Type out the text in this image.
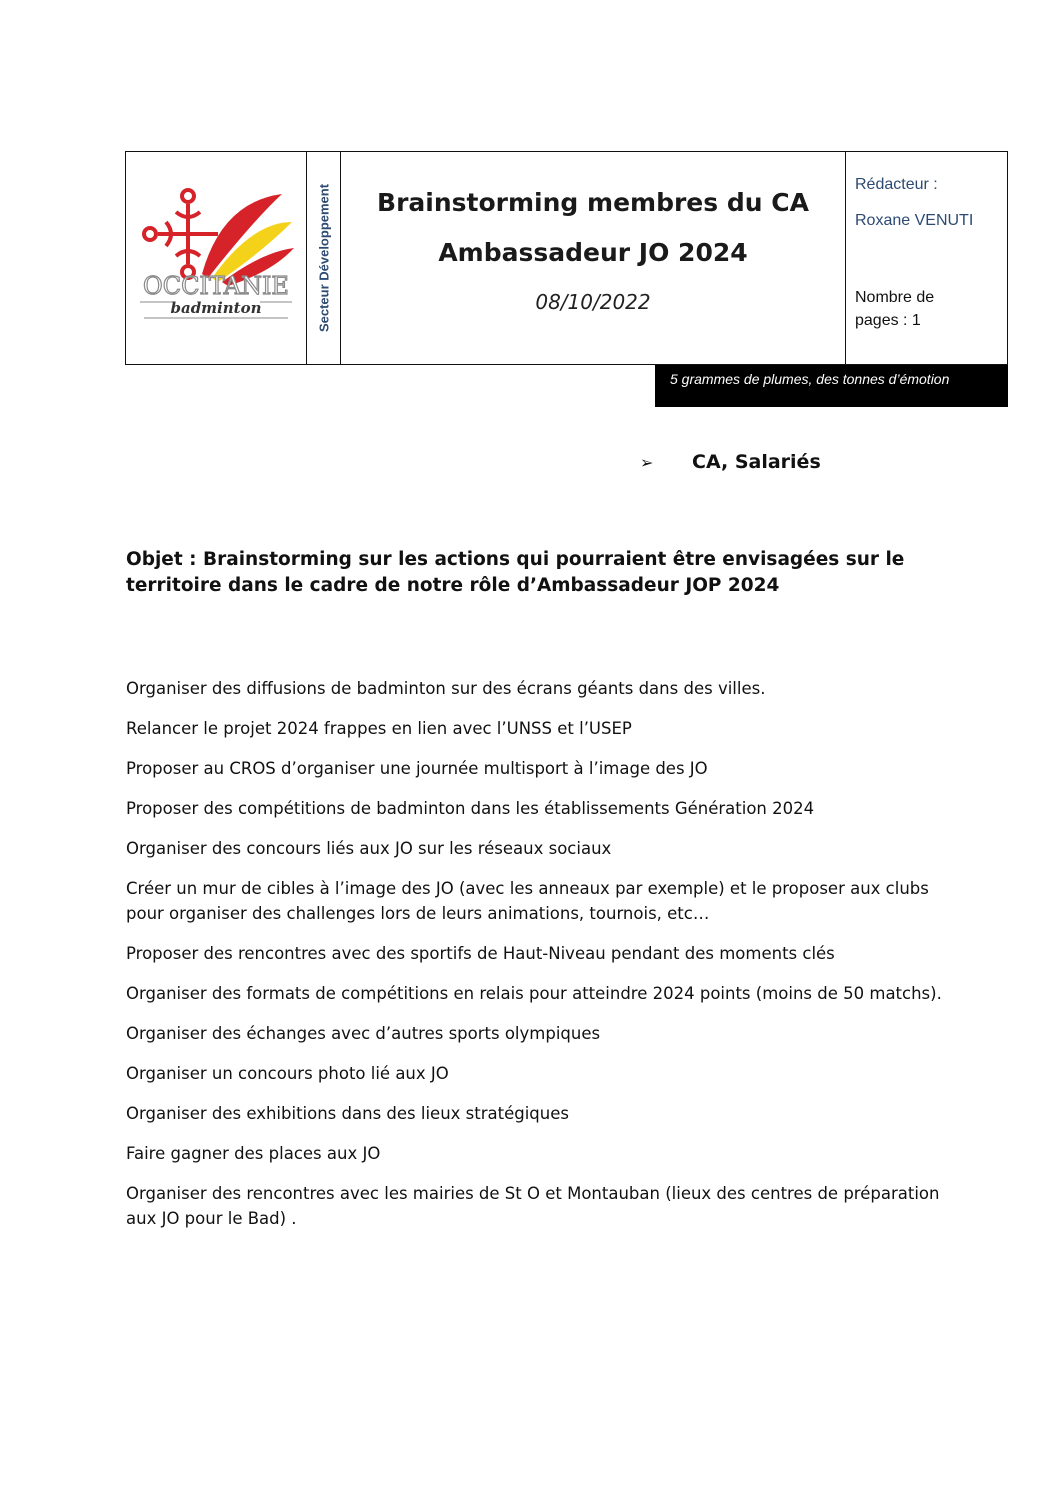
OCCITANIE
badminton	Secteur Développement	Brainstorming membres du CA
Ambassadeur JO 2024
08/10/2022
Rédacteur :
Roxane VENUTI
Nombre de pages : 1
5 grammes de plumes, des tonnes d’émotion
➢ CA, Salariés
Objet : Brainstorming sur les actions qui pourraient être envisagées sur le territoire dans le cadre de notre rôle d’Ambassadeur JOP 2024
Organiser des diffusions de badminton sur des écrans géants dans des villes.
Relancer le projet 2024 frappes en lien avec l’UNSS et l’USEP
Proposer au CROS d’organiser une journée multisport à l’image des JO
Proposer des compétitions de badminton dans les établissements Génération 2024
Organiser des concours liés aux JO sur les réseaux sociaux
Créer un mur de cibles à l’image des JO (avec les anneaux par exemple) et le proposer aux clubs pour organiser des challenges lors de leurs animations, tournois, etc…
Proposer des rencontres avec des sportifs de Haut-Niveau pendant des moments clés
Organiser des formats de compétitions en relais pour atteindre 2024 points (moins de 50 matchs).
Organiser des échanges avec d’autres sports olympiques
Organiser un concours photo lié aux JO
Organiser des exhibitions dans des lieux stratégiques
Faire gagner des places aux JO
Organiser des rencontres avec les mairies de St O et Montauban (lieux des centres de préparation aux JO pour le Bad) .
